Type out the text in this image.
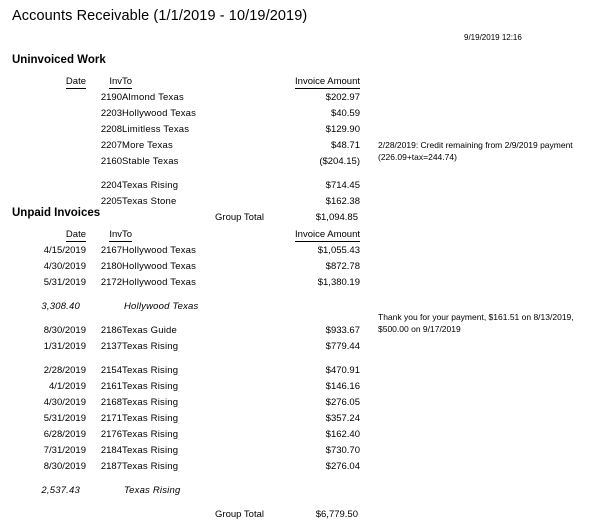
Accounts Receivable (1/1/2019 - 10/19/2019)
9/19/2019 12:16
Uninvoiced Work
Date	Inv	To	Invoice Amount
	2190	Almond Texas	$202.97
	2203	Hollywood Texas	$40.59
	2208	Limitless Texas	$129.90
	2207	More Texas	$48.71
	2160	Stable Texas	($204.15)

	2204	Texas Rising	$714.45
	2205	Texas Stone	$162.38
		Group Total	$1,094.85
Unpaid Invoices
Date	Inv	To	Invoice Amount
4/15/2019	2167	Hollywood Texas	$1,055.43
4/30/2019	2180	Hollywood Texas	$872.78
5/31/2019	2172	Hollywood Texas	$1,380.19

3,308.40		Hollywood Texas	

8/30/2019	2186	Texas Guide	$933.67
1/31/2019	2137	Texas Rising	$779.44

2/28/2019	2154	Texas Rising	$470.91
4/1/2019	2161	Texas Rising	$146.16
4/30/2019	2168	Texas Rising	$276.05
5/31/2019	2171	Texas Rising	$357.24
6/28/2019	2176	Texas Rising	$162.40
7/31/2019	2184	Texas Rising	$730.70
8/30/2019	2187	Texas Rising	$276.04

2,537.43		Texas Rising	

		Group Total	$6,779.50
2/28/2019: Credit remaining from 2/9/2019 payment (226.09+tax=244.74)
Thank you for your payment, $161.51 on 8/13/2019, $500.00 on 9/17/2019
